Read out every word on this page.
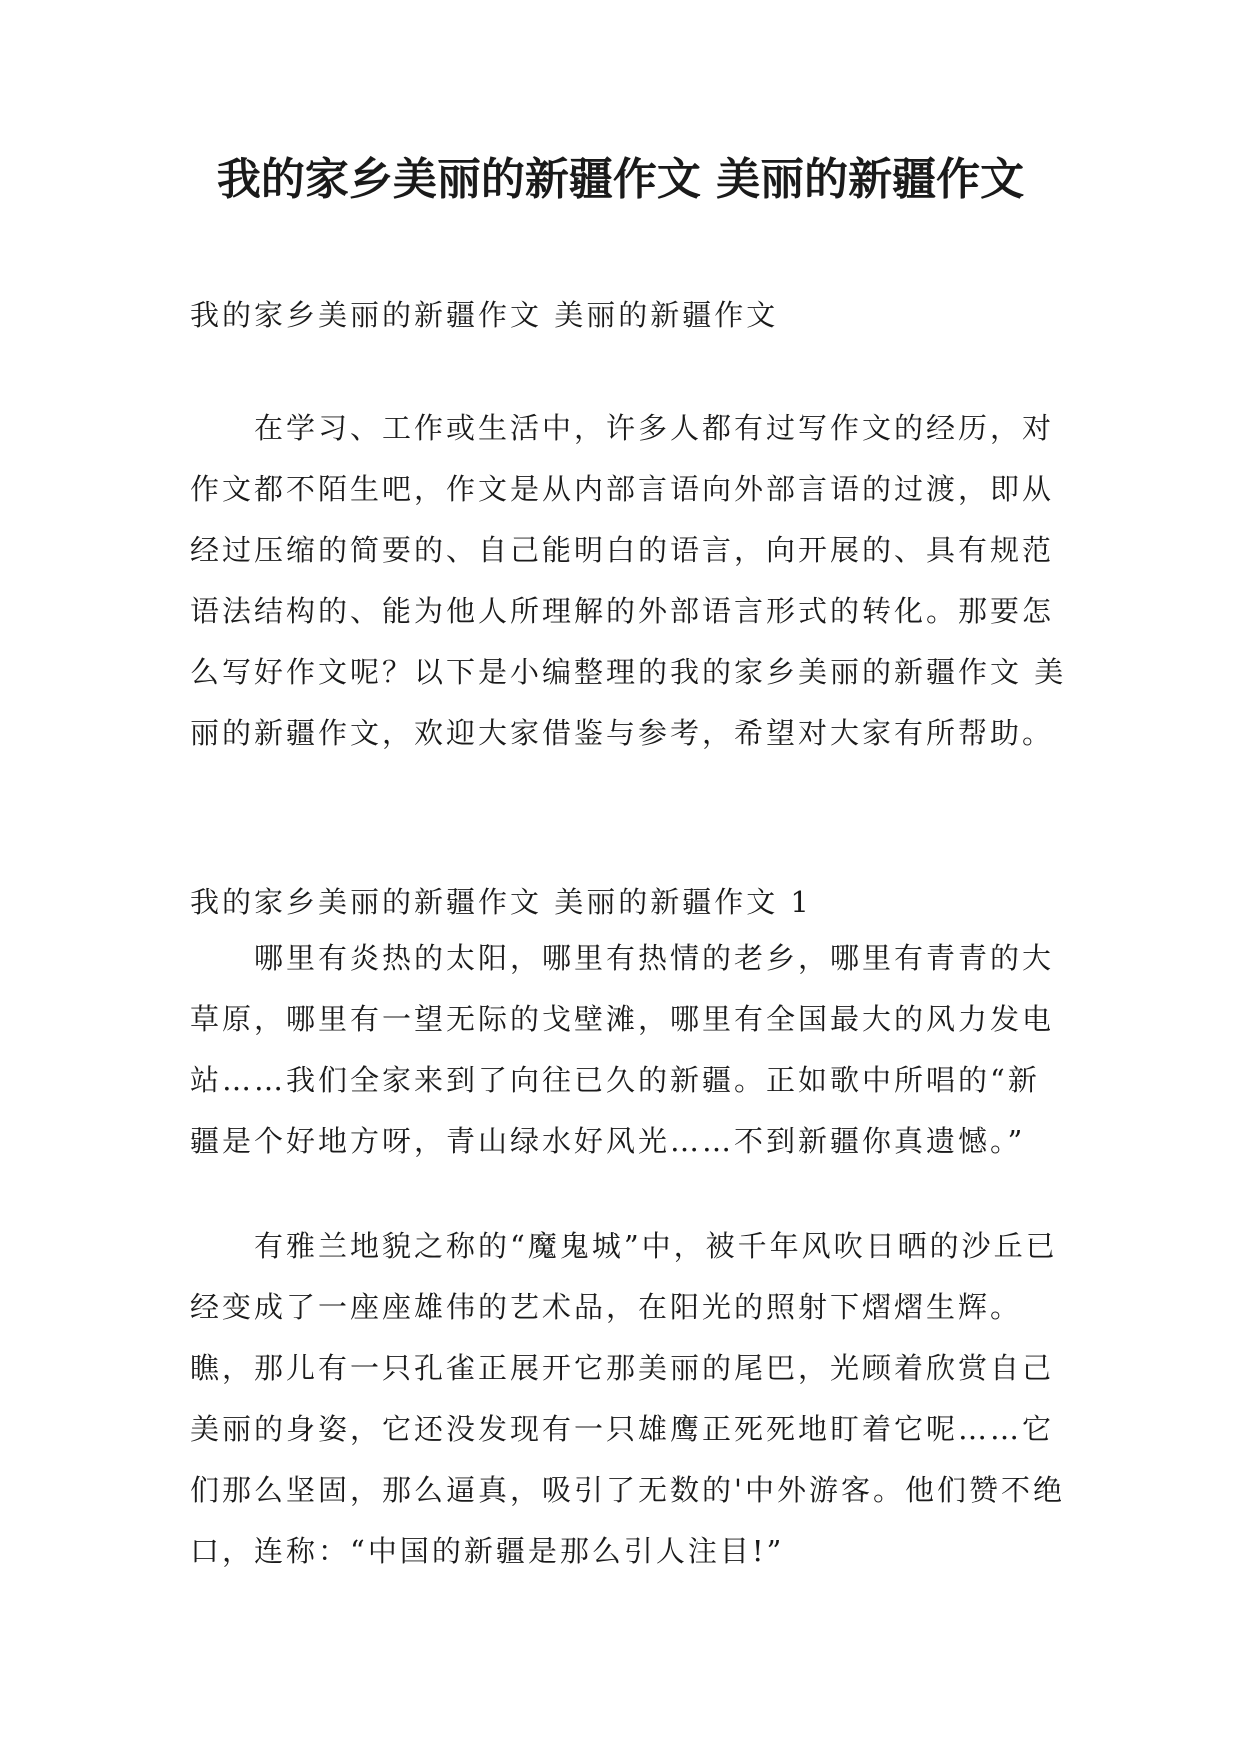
我的家乡美丽的新疆作文 美丽的新疆作文

我的家乡美丽的新疆作文 美丽的新疆作文

在学习、工作或生活中，许多人都有过写作文的经历，对作文都不陌生吧，作文是从内部言语向外部言语的过渡，即从经过压缩的简要的、自己能明白的语言，向开展的、具有规范语法结构的、能为他人所理解的外部语言形式的转化。那要怎么写好作文呢？以下是小编整理的我的家乡美丽的新疆作文 美丽的新疆作文，欢迎大家借鉴与参考，希望对大家有所帮助。

我的家乡美丽的新疆作文 美丽的新疆作文 1

哪里有炎热的太阳，哪里有热情的老乡，哪里有青青的大草原，哪里有一望无际的戈壁滩，哪里有全国最大的风力发电站……我们全家来到了向往已久的新疆。正如歌中所唱的“新疆是个好地方呀，青山绿水好风光……不到新疆你真遗憾。”

有雅兰地貌之称的“魔鬼城”中，被千年风吹日晒的沙丘已经变成了一座座雄伟的艺术品，在阳光的照射下熠熠生辉。瞧，那儿有一只孔雀正展开它那美丽的尾巴，光顾着欣赏自己美丽的身姿，它还没发现有一只雄鹰正死死地盯着它呢……它们那么坚固，那么逼真，吸引了无数的'中外游客。他们赞不绝口，连称：“中国的新疆是那么引人注目!”
